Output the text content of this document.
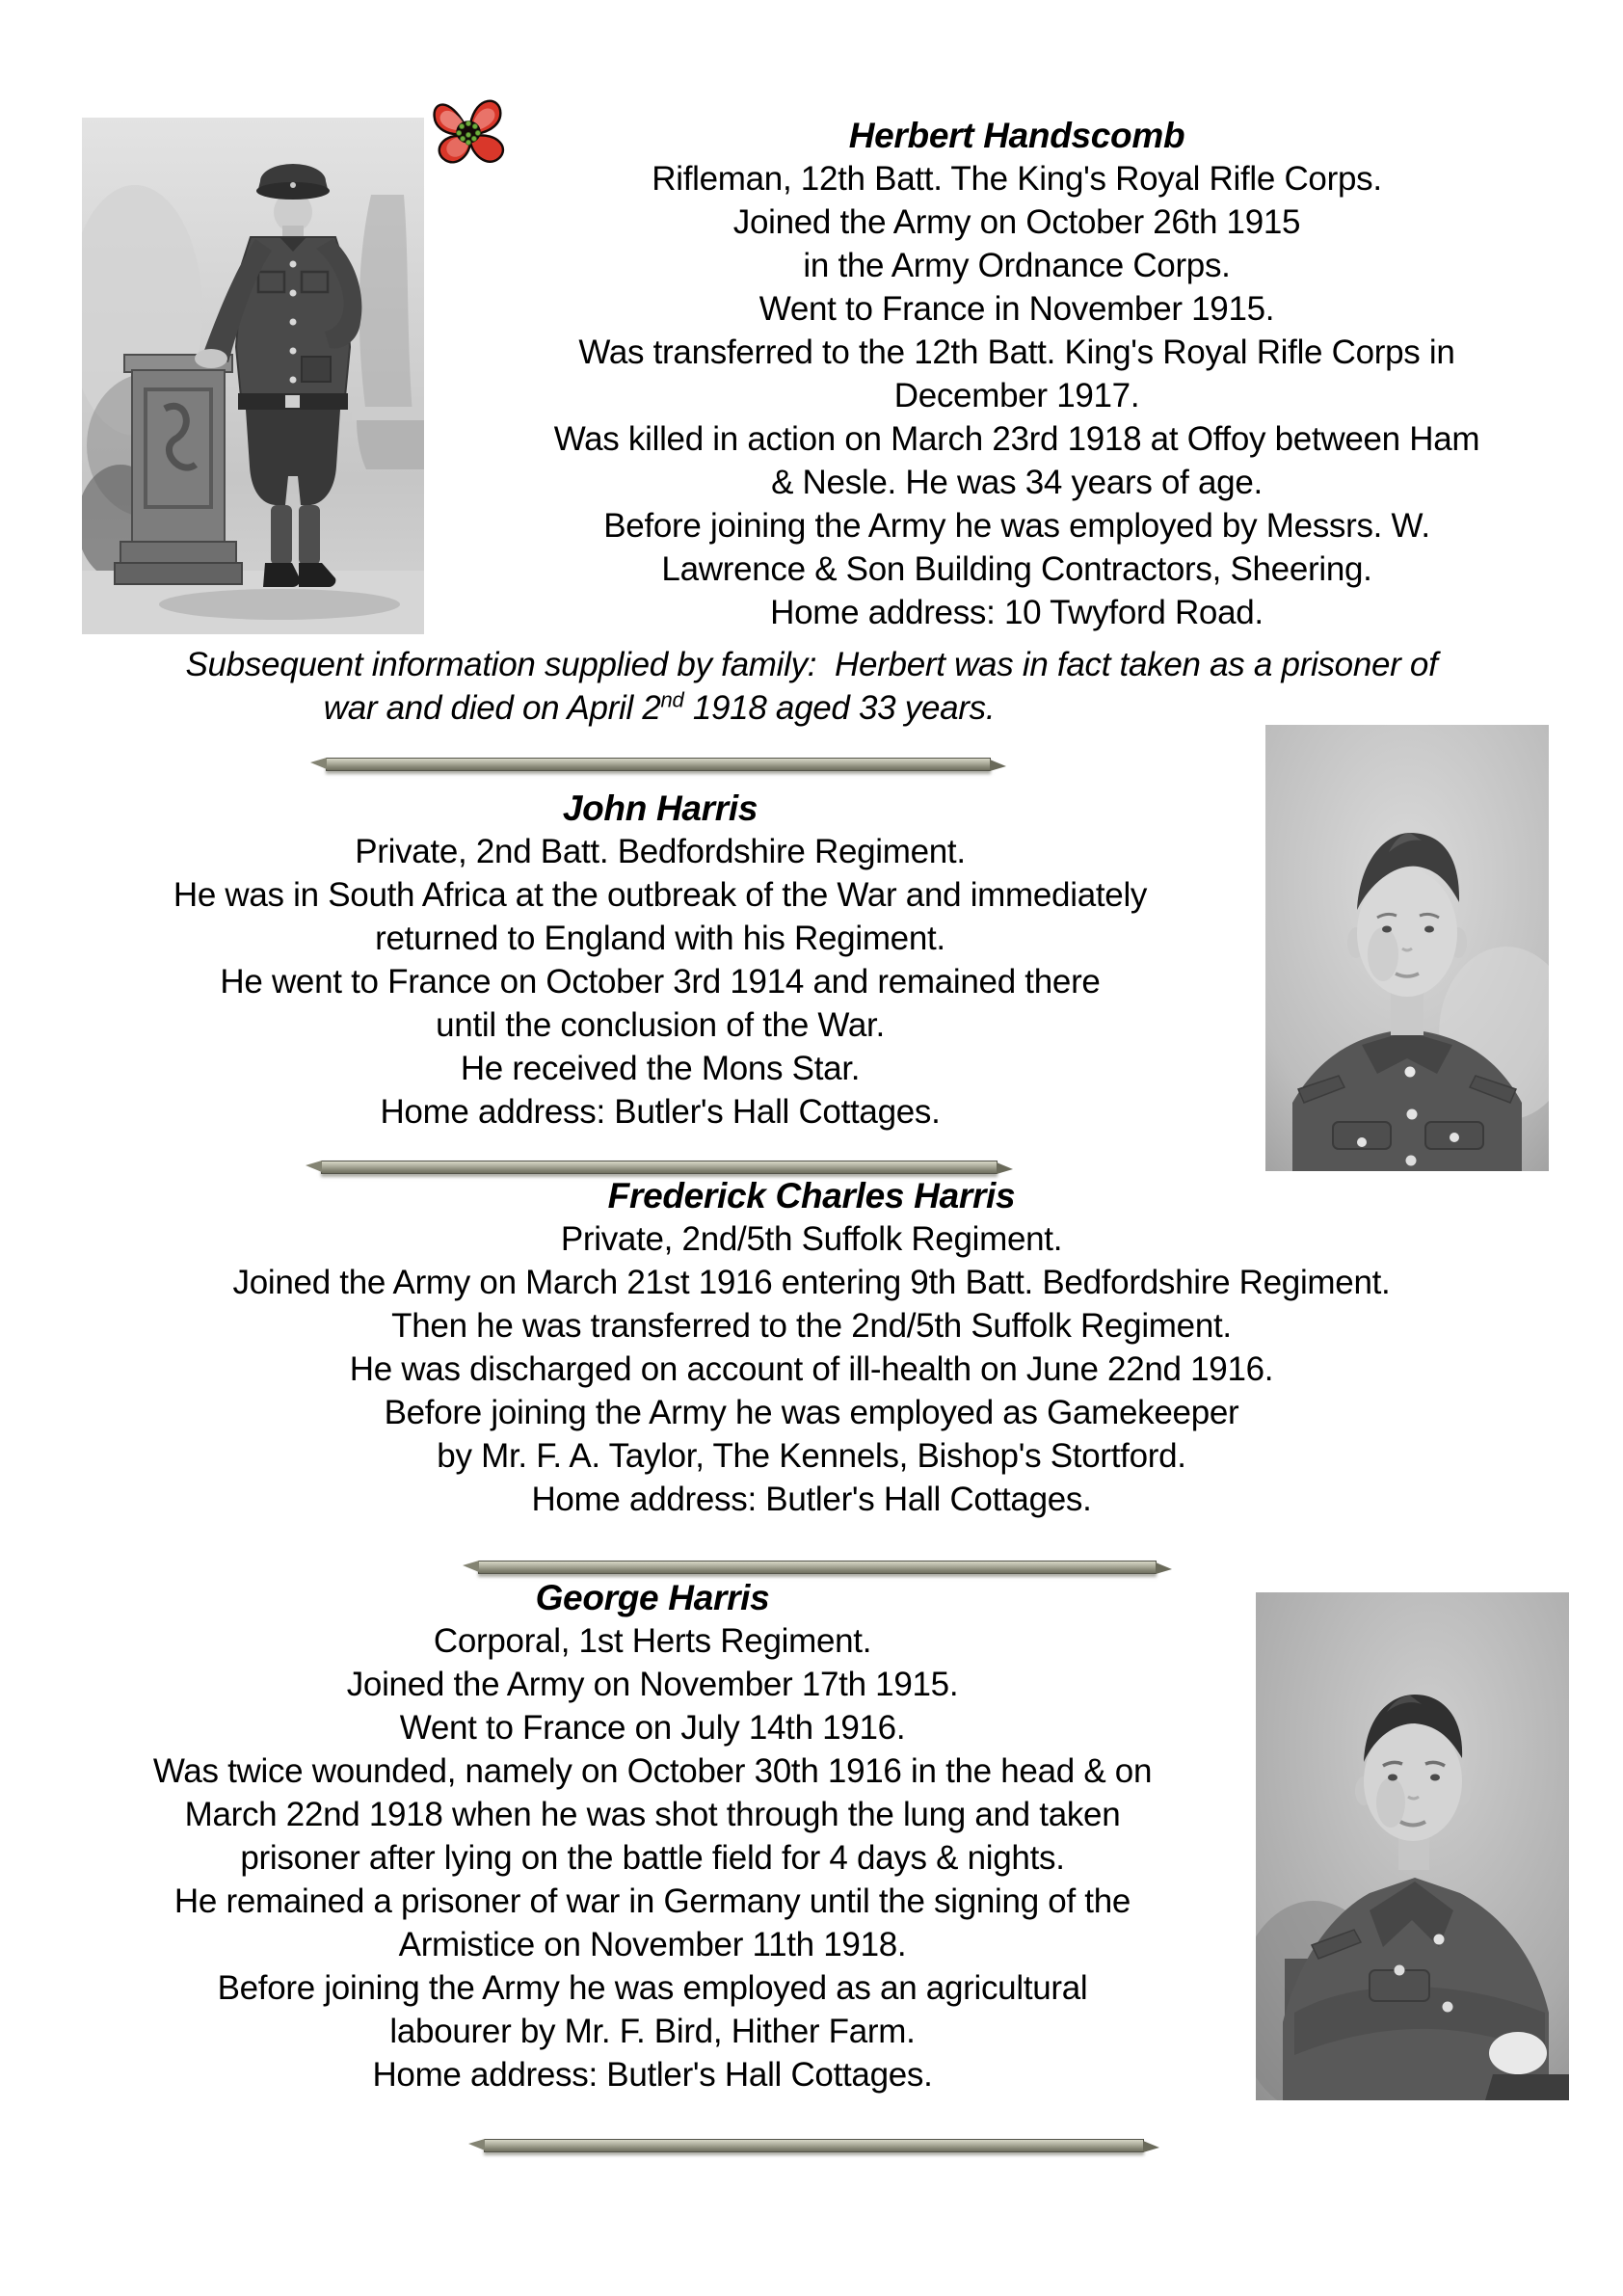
Herbert Handscomb
Rifleman, 12th Batt. The King's Royal Rifle Corps.
Joined the Army on October 26th 1915
in the Army Ordnance Corps.
Went to France in November 1915.
Was transferred to the 12th Batt. King's Royal Rifle Corps in
December 1917.
Was killed in action on March 23rd 1918 at Offoy between Ham
& Nesle. He was 34 years of age.
Before joining the Army he was employed by Messrs. W.
Lawrence & Son Building Contractors, Sheering.
Home address: 10 Twyford Road.
Subsequent information supplied by family:  Herbert was in fact taken as a prisoner of
war and died on April 2nd 1918 aged 33 years.
John Harris
Private, 2nd Batt. Bedfordshire Regiment.
He was in South Africa at the outbreak of the War and immediately
returned to England with his Regiment.
He went to France on October 3rd 1914 and remained there
until the conclusion of the War.
He received the Mons Star.
Home address: Butler's Hall Cottages.
Frederick Charles Harris
Private, 2nd/5th Suffolk Regiment.
Joined the Army on March 21st 1916 entering 9th Batt. Bedfordshire Regiment.
Then he was transferred to the 2nd/5th Suffolk Regiment.
He was discharged on account of ill-health on June 22nd 1916.
Before joining the Army he was employed as Gamekeeper
by Mr. F. A. Taylor, The Kennels, Bishop's Stortford.
Home address: Butler's Hall Cottages.
George Harris
Corporal, 1st Herts Regiment.
Joined the Army on November 17th 1915.
Went to France on July 14th 1916.
Was twice wounded, namely on October 30th 1916 in the head & on
March 22nd 1918 when he was shot through the lung and taken
prisoner after lying on the battle field for 4 days & nights.
He remained a prisoner of war in Germany until the signing of the
Armistice on November 11th 1918.
Before joining the Army he was employed as an agricultural
labourer by Mr. F. Bird, Hither Farm.
Home address: Butler's Hall Cottages.
